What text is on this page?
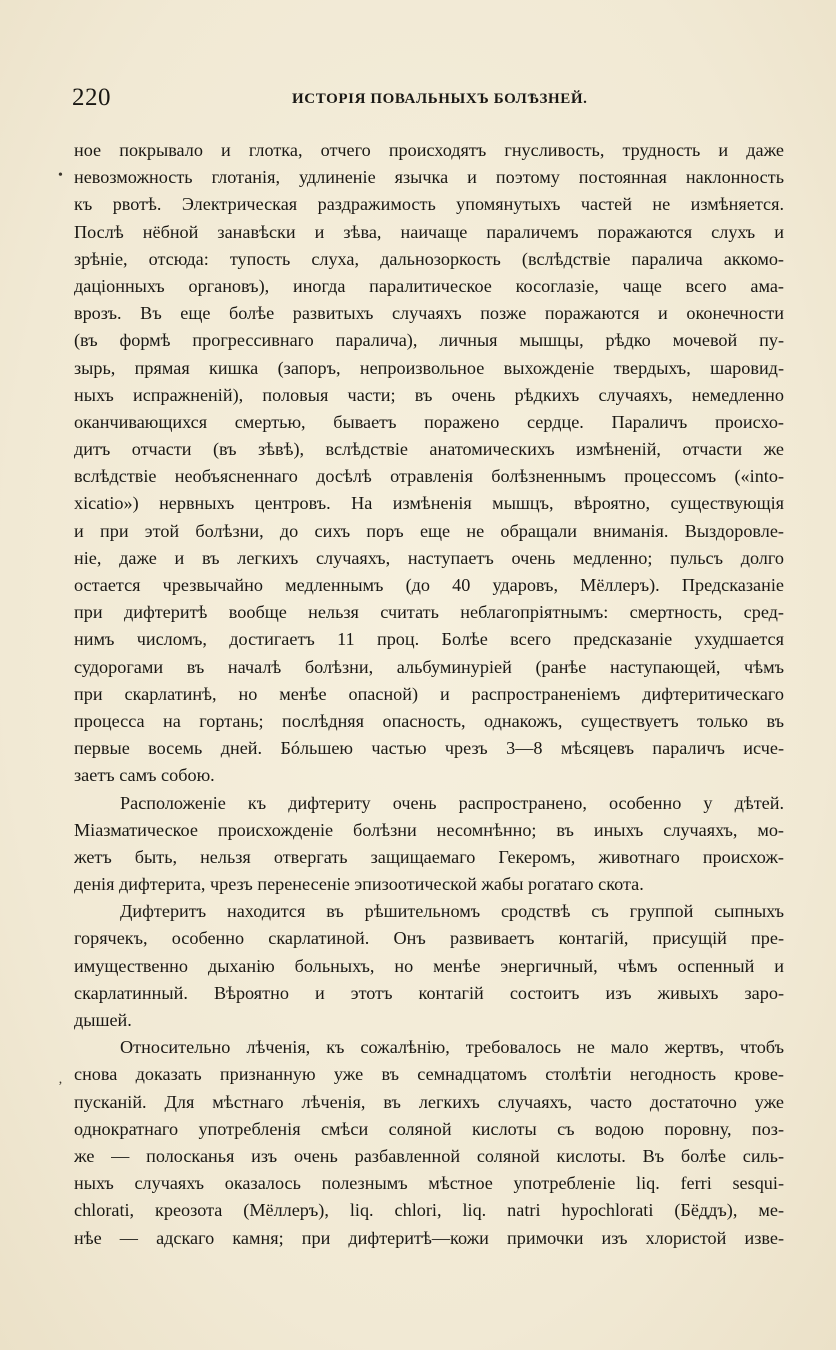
220	ИСТОРІЯ ПОВАЛЬНЫХЪ БОЛѢЗНЕЙ.
•
‚
ное покрывало и глотка, отчего происходятъ гнусливость, трудность и даже
невозможность глотанія, удлиненіе язычка и поэтому постоянная наклонность
къ рвотѣ. Электрическая раздражимость упомянутыхъ частей не измѣняется.
Послѣ нёбной занавѣски и зѣва, наичаще параличемъ поражаются слухъ и
зрѣніе, отсюда: тупость слуха, дальнозоркость (вслѣдствіе паралича аккомо-
даціонныхъ органовъ), иногда паралитическое косоглазіе, чаще всего ама-
врозъ. Въ еще болѣе развитыхъ случаяхъ позже поражаются и оконечности
(въ формѣ прогрессивнаго паралича), личныя мышцы, рѣдко мочевой пу-
зырь, прямая кишка (запоръ, непроизвольное выхожденіе твердыхъ, шаровид-
ныхъ испражненій), половыя части; въ очень рѣдкихъ случаяхъ, немедленно
оканчивающихся смертью, бываетъ поражено сердце. Параличъ происхо-
дитъ отчасти (въ зѣвѣ), вслѣдствіе анатомическихъ измѣненій, отчасти же
вслѣдствіе необъясненнаго досѣлѣ отравленія болѣзненнымъ процессомъ («into-
xicatio») нервныхъ центровъ. На измѣненія мышцъ, вѣроятно, существующія
и при этой болѣзни, до сихъ поръ еще не обращали вниманія. Выздоровле-
ніе, даже и въ легкихъ случаяхъ, наступаетъ очень медленно; пульсъ долго
остается чрезвычайно медленнымъ (до 40 ударовъ, Мёллеръ). Предсказаніе
при дифтеритѣ вообще нельзя считать неблагопріятнымъ: смертность, сред-
нимъ числомъ, достигаетъ 11 проц. Болѣе всего предсказаніе ухудшается
судорогами въ началѣ болѣзни, альбуминуріей (ранѣе наступающей, чѣмъ
при скарлатинѣ, но менѣе опасной) и распространеніемъ дифтеритическаго
процесса на гортань; послѣдняя опасность, однакожъ, существуетъ только въ
первые восемь дней. Бóльшею частью чрезъ 3—8 мѣсяцевъ параличъ исче-
заетъ самъ собою.
Расположеніе къ дифтериту очень распространено, особенно у дѣтей.
Міазматическое происхожденіе болѣзни несомнѣнно; въ иныхъ случаяхъ, мо-
жетъ быть, нельзя отвергать защищаемаго Гекеромъ, животнаго происхож-
денія дифтерита, чрезъ перенесеніе эпизоотической жабы рогатаго скота.
Дифтеритъ находится въ рѣшительномъ сродствѣ съ группой сыпныхъ
горячекъ, особенно скарлатиной. Онъ развиваетъ контагій, присущій пре-
имущественно дыханію больныхъ, но менѣе энергичный, чѣмъ оспенный и
скарлатинный. Вѣроятно и этотъ контагій состоитъ изъ живыхъ заро-
дышей.
Относительно лѣченія, къ сожалѣнію, требовалось не мало жертвъ, чтобъ
снова доказать признанную уже въ семнадцатомъ столѣтіи негодность крове-
пусканій. Для мѣстнаго лѣченія, въ легкихъ случаяхъ, часто достаточно уже
однократнаго употребленія смѣси соляной кислоты съ водою поровну, поз-
же — полосканья изъ очень разбавленной соляной кислоты. Въ болѣе силь-
ныхъ случаяхъ оказалось полезнымъ мѣстное употребленіе liq. ferri sesqui-
chlorati, креозота (Мёллеръ), liq. chlori, liq. natri hypochlorati (Бёддъ), ме-
нѣе — адскаго камня; при дифтеритѣ—кожи примочки изъ хлористой изве-
